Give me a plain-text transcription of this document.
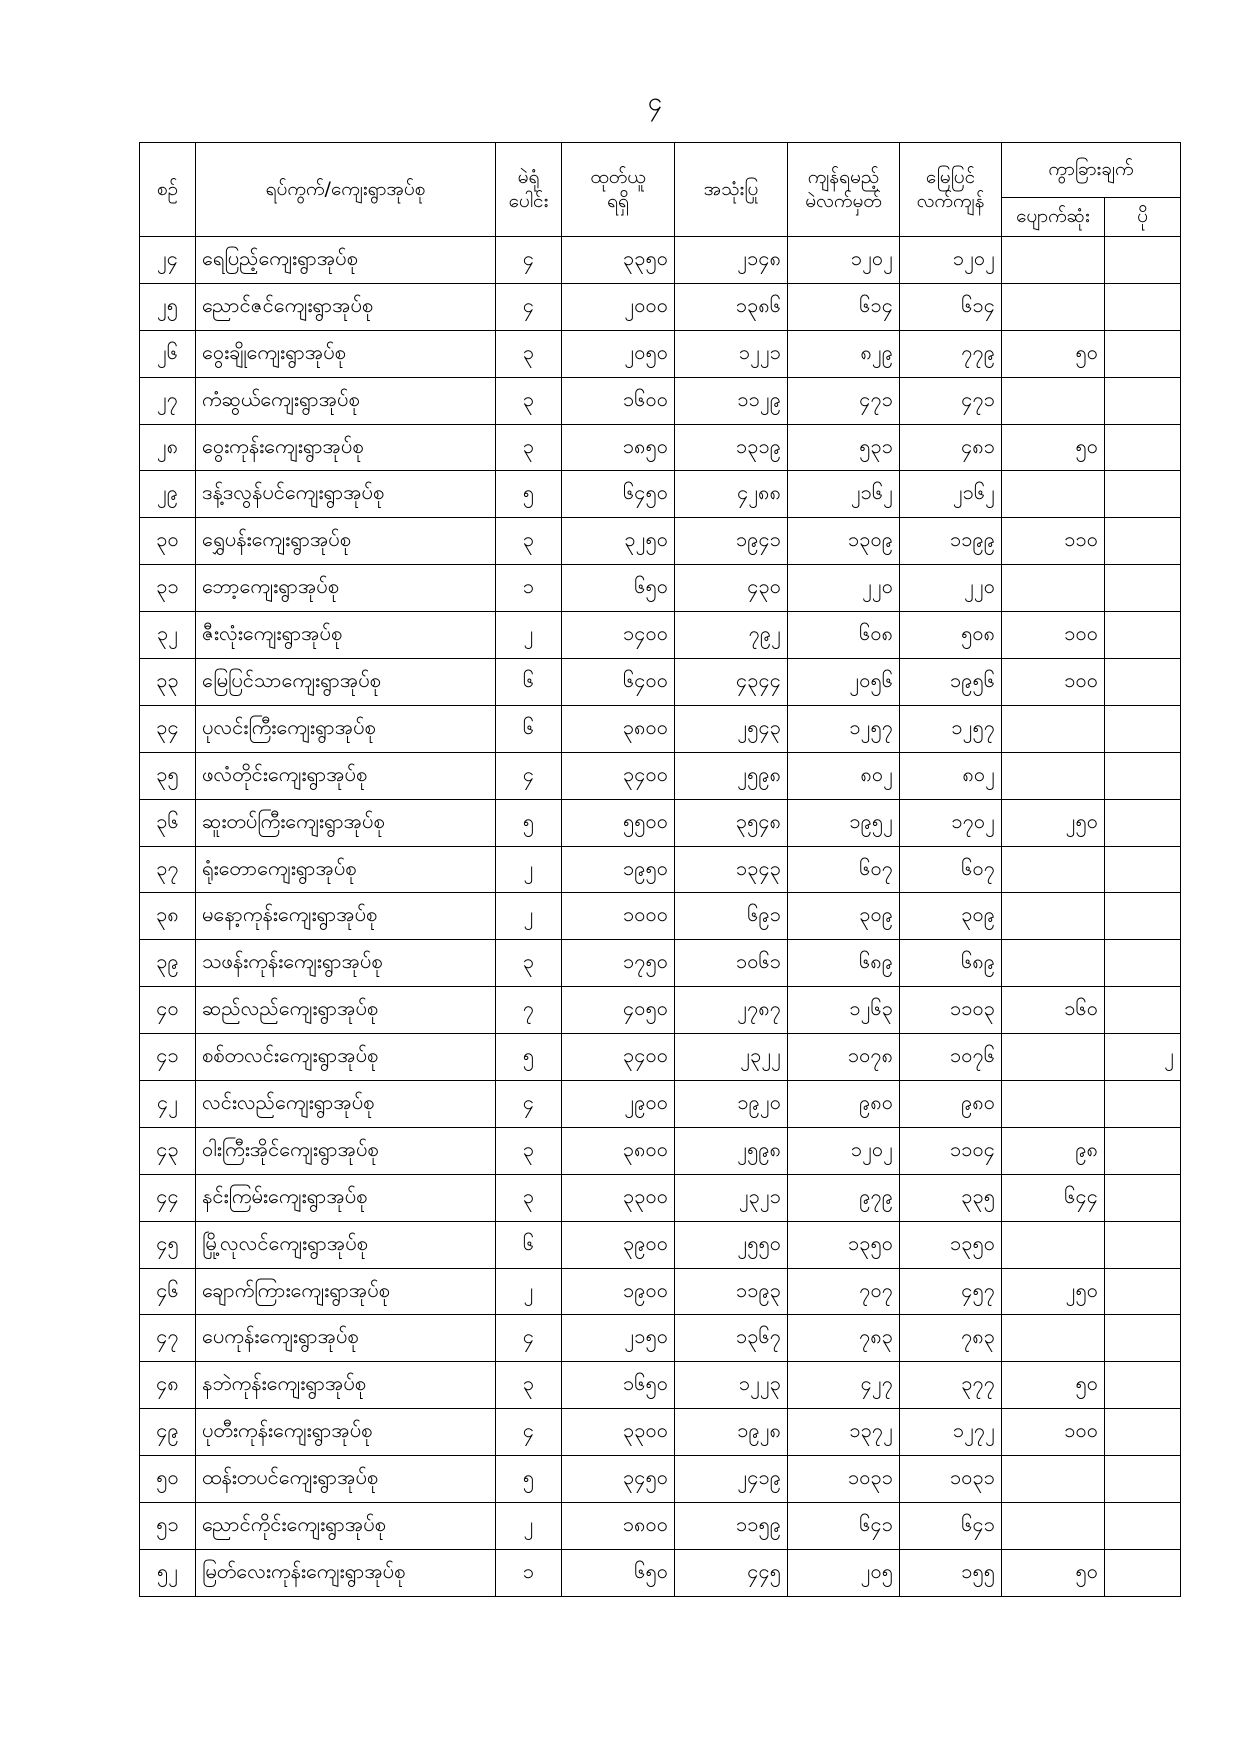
၄
စဉ်	ရပ်ကွက်/ကျေးရွာအုပ်စု	မဲရုံ
ပေါင်း	ထုတ်ယူ
ရရှိ	အသုံးပြု	ကျန်ရမည့်
မဲလက်မှတ်	မြေပြင်
လက်ကျန်	ကွာခြားချက်	
							ပျောက်ဆုံး	ပို
၂၄	ရေပြည့်ကျေးရွာအုပ်စု	၄	၃၃၅၀	၂၁၄၈	၁၂၀၂	၁၂၀၂		
၂၅	ညောင်ဇင်ကျေးရွာအုပ်စု	၄	၂၀၀၀	၁၃၈၆	၆၁၄	၆၁၄		
၂၆	ဝွေးချိုကျေးရွာအုပ်စု	၃	၂၀၅၀	၁၂၂၁	၈၂၉	၇၇၉	၅၀	
၂၇	ကံဆွယ်ကျေးရွာအုပ်စု	၃	၁၆၀၀	၁၁၂၉	၄၇၁	၄၇၁		
၂၈	ဝွေးကုန်းကျေးရွာအုပ်စု	၃	၁၈၅၀	၁၃၁၉	၅၃၁	၄၈၁	၅၀	
၂၉	ဒန့်ဒလွန်ပင်ကျေးရွာအုပ်စု	၅	၆၄၅၀	၄၂၈၈	၂၁၆၂	၂၁၆၂		
၃၀	ရွှေပန်းကျေးရွာအုပ်စု	၃	၃၂၅၀	၁၉၄၁	၁၃၀၉	၁၁၉၉	၁၁၀	
၃၁	ဘော့ကျေးရွာအုပ်စု	၁	၆၅၀	၄၃၀	၂၂၀	၂၂၀		
၃၂	ဇီးလုံးကျေးရွာအုပ်စု	၂	၁၄၀၀	၇၉၂	၆၀၈	၅၀၈	၁၀၀	
၃၃	မြေပြင်သာကျေးရွာအုပ်စု	၆	၆၄၀၀	၄၃၄၄	၂၀၅၆	၁၉၅၆	၁၀၀	
၃၄	ပုလင်းကြီးကျေးရွာအုပ်စု	၆	၃၈၀၀	၂၅၄၃	၁၂၅၇	၁၂၅၇		
၃၅	ဖလံတိုင်းကျေးရွာအုပ်စု	၄	၃၄၀၀	၂၅၉၈	၈၀၂	၈၀၂		
၃၆	ဆူးတပ်ကြီးကျေးရွာအုပ်စု	၅	၅၅၀၀	၃၅၄၈	၁၉၅၂	၁၇၀၂	၂၅၀	
၃၇	ရုံးတောကျေးရွာအုပ်စု	၂	၁၉၅၀	၁၃၄၃	၆၀၇	၆၀၇		
၃၈	မနော့ကုန်းကျေးရွာအုပ်စု	၂	၁၀၀၀	၆၉၁	၃၀၉	၃၀၉		
၃၉	သဖန်းကုန်းကျေးရွာအုပ်စု	၃	၁၇၅၀	၁၀၆၁	၆၈၉	၆၈၉		
၄၀	ဆည်လည်ကျေးရွာအုပ်စု	၇	၄၀၅၀	၂၇၈၇	၁၂၆၃	၁၁၀၃	၁၆၀	
၄၁	စစ်တလင်းကျေးရွာအုပ်စု	၅	၃၄၀၀	၂၃၂၂	၁၀၇၈	၁၀၇၆		၂
၄၂	လင်းလည်ကျေးရွာအုပ်စု	၄	၂၉၀၀	၁၉၂၀	၉၈၀	၉၈၀		
၄၃	ဝါးကြီးအိုင်ကျေးရွာအုပ်စု	၃	၃၈၀၀	၂၅၉၈	၁၂၀၂	၁၁၀၄	၉၈	
၄၄	နင်းကြမ်းကျေးရွာအုပ်စု	၃	၃၃၀၀	၂၃၂၁	၉၇၉	၃၃၅	၆၄၄	
၄၅	မြို့လုလင်ကျေးရွာအုပ်စု	၆	၃၉၀၀	၂၅၅၀	၁၃၅၀	၁၃၅၀		
၄၆	ချောက်ကြားကျေးရွာအုပ်စု	၂	၁၉၀၀	၁၁၉၃	၇၀၇	၄၅၇	၂၅၀	
၄၇	ပေကုန်းကျေးရွာအုပ်စု	၄	၂၁၅၀	၁၃၆၇	၇၈၃	၇၈၃		
၄၈	နဘဲကုန်းကျေးရွာအုပ်စု	၃	၁၆၅၀	၁၂၂၃	၄၂၇	၃၇၇	၅၀	
၄၉	ပုတီးကုန်းကျေးရွာအုပ်စု	၄	၃၃၀၀	၁၉၂၈	၁၃၇၂	၁၂၇၂	၁၀၀	
၅၀	ထန်းတပင်ကျေးရွာအုပ်စု	၅	၃၄၅၀	၂၄၁၉	၁၀၃၁	၁၀၃၁		
၅၁	ညောင်ကိုင်းကျေးရွာအုပ်စု	၂	၁၈၀၀	၁၁၅၉	၆၄၁	၆၄၁		
၅၂	မြတ်လေးကုန်းကျေးရွာအုပ်စု	၁	၆၅၀	၄၄၅	၂၀၅	၁၅၅	၅၀	
